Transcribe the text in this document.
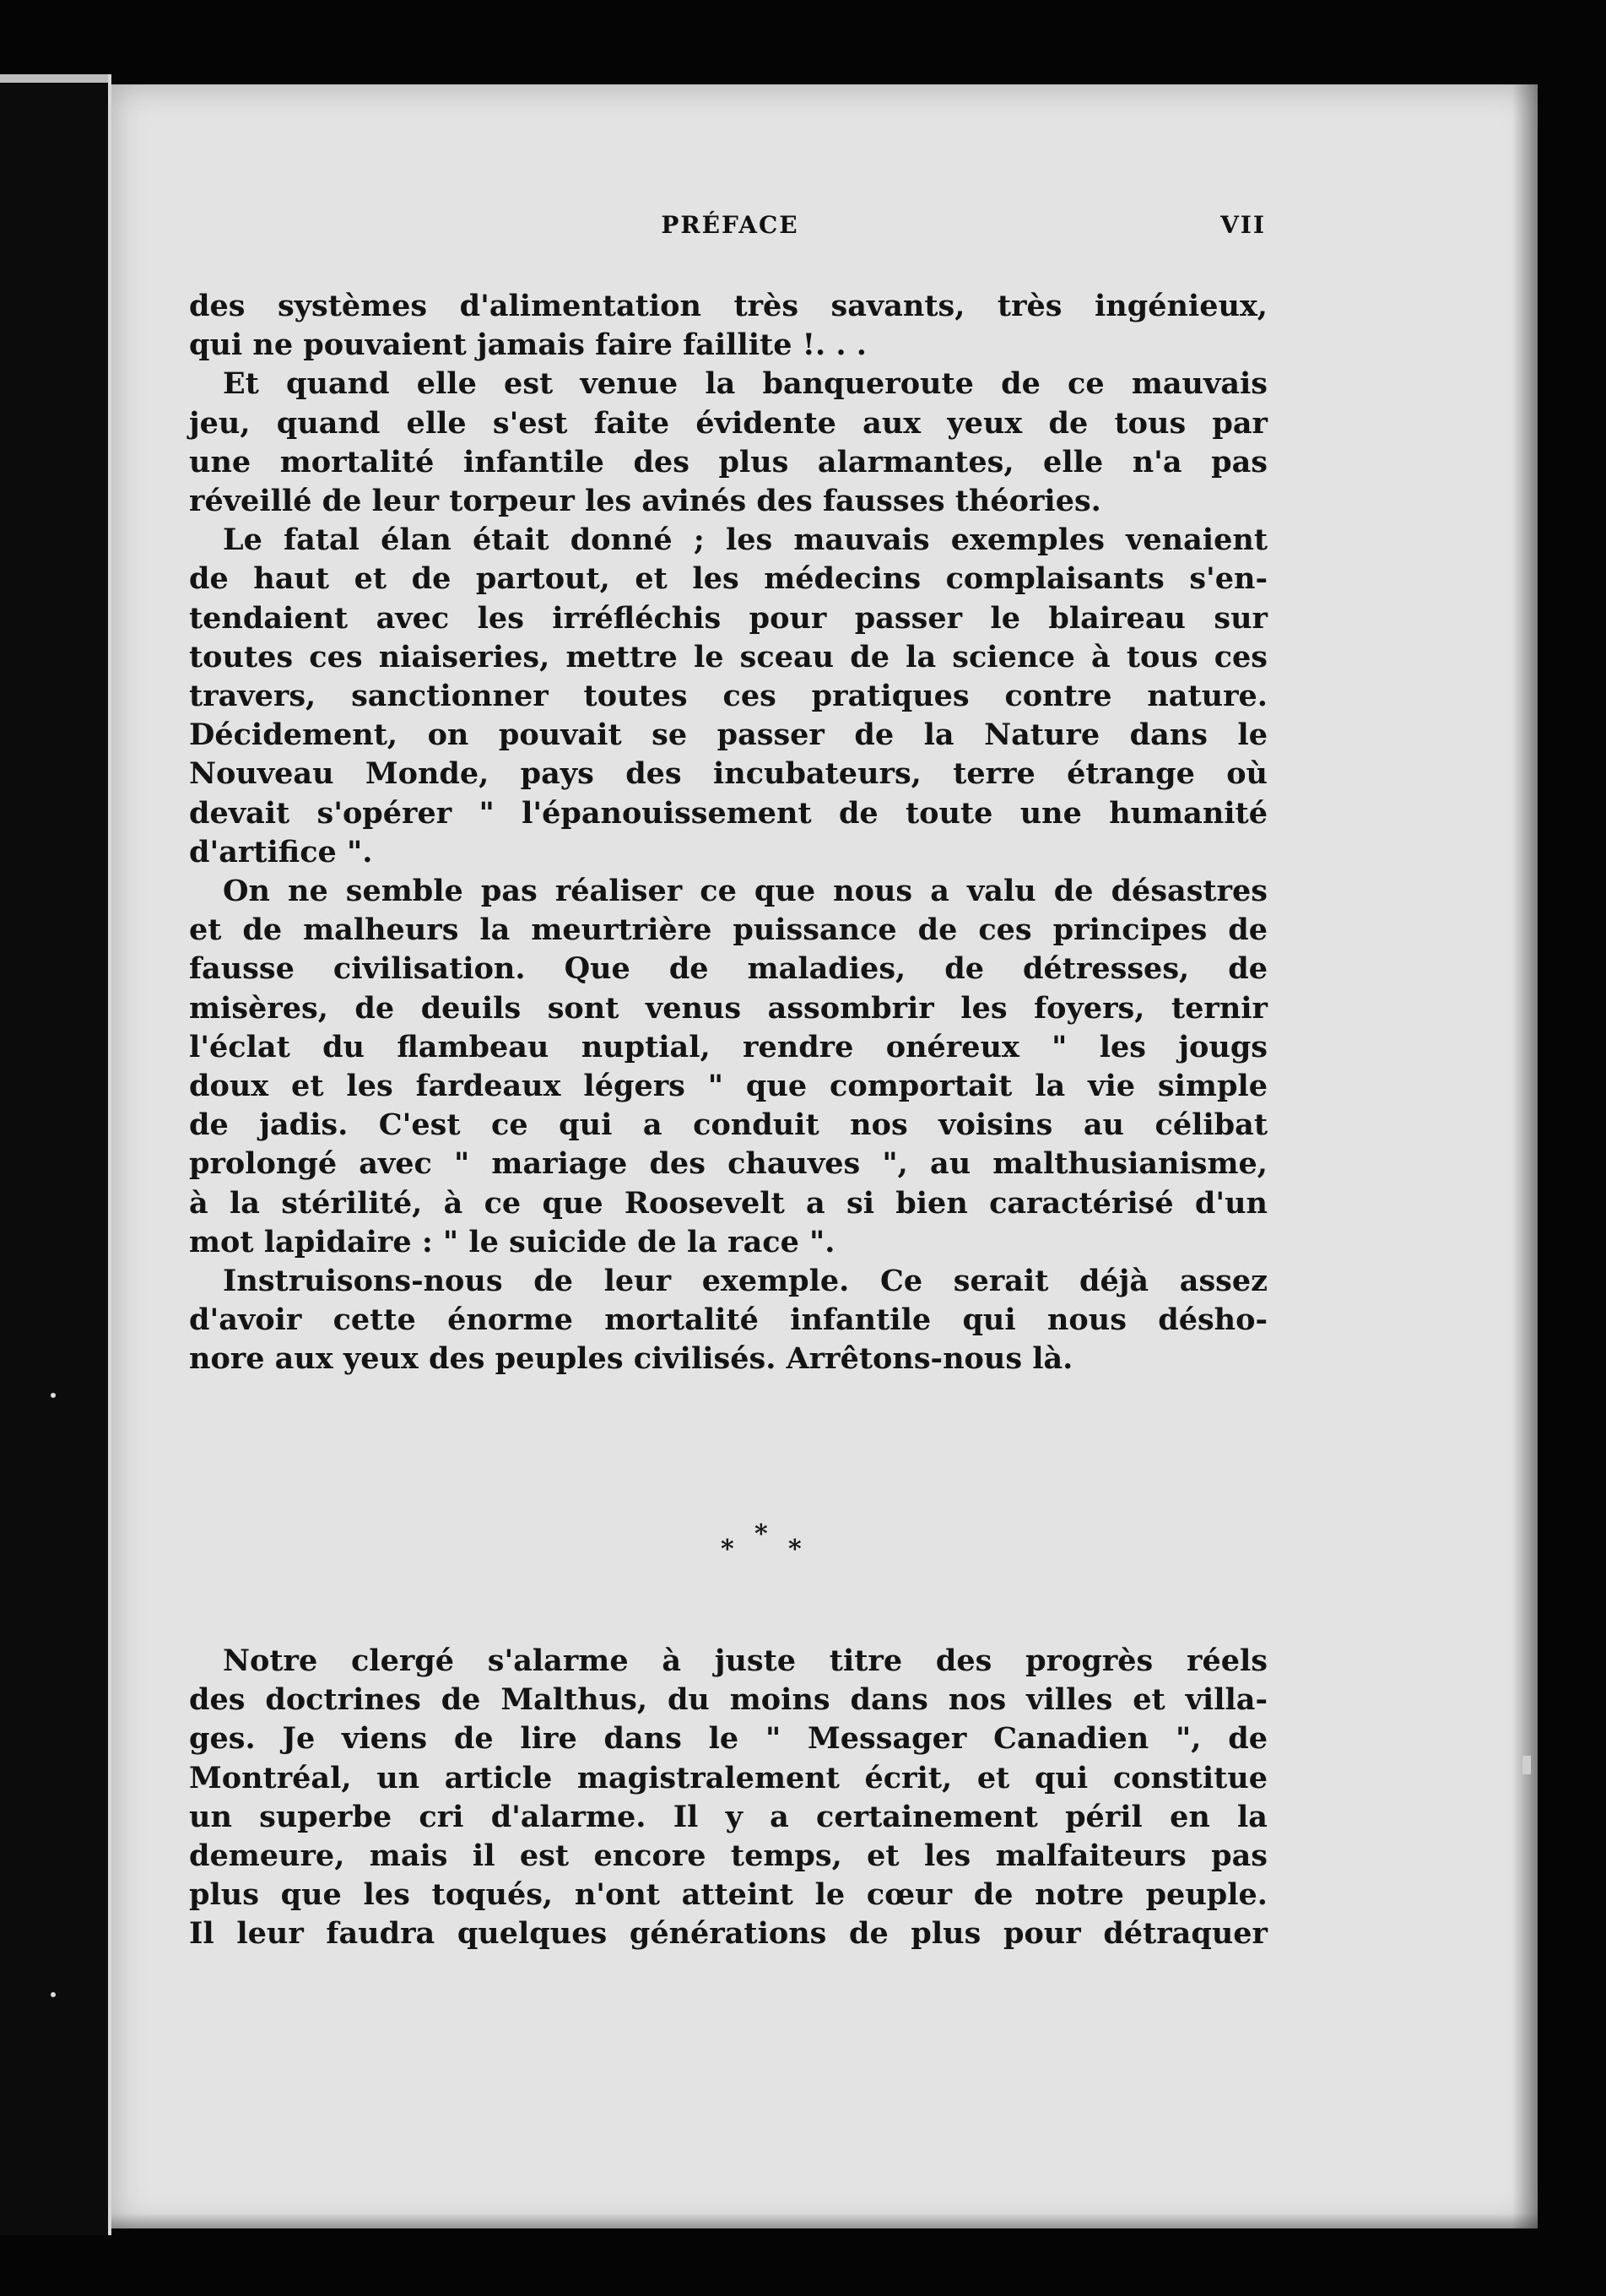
PRÉFACE	VII
des systèmes d'alimentation très savants, très ingénieux,
qui ne pouvaient jamais faire faillite !. . .
Et quand elle est venue la banqueroute de ce mauvais
jeu, quand elle s'est faite évidente aux yeux de tous par
une mortalité infantile des plus alarmantes, elle n'a pas
réveillé de leur torpeur les avinés des fausses théories.
Le fatal élan était donné ; les mauvais exemples venaient
de haut et de partout, et les médecins complaisants s'en-
tendaient avec les irréfléchis pour passer le blaireau sur
toutes ces niaiseries, mettre le sceau de la science à tous ces
travers, sanctionner toutes ces pratiques contre nature.
Décidement, on pouvait se passer de la Nature dans le
Nouveau Monde, pays des incubateurs, terre étrange où
devait s'opérer " l'épanouissement de toute une humanité
d'artifice ".
On ne semble pas réaliser ce que nous a valu de désastres
et de malheurs la meurtrière puissance de ces principes de
fausse civilisation. Que de maladies, de détresses, de
misères, de deuils sont venus assombrir les foyers, ternir
l'éclat du flambeau nuptial, rendre onéreux " les jougs
doux et les fardeaux légers " que comportait la vie simple
de jadis. C'est ce qui a conduit nos voisins au célibat
prolongé avec " mariage des chauves ", au malthusianisme,
à la stérilité, à ce que Roosevelt a si bien caractérisé d'un
mot lapidaire : " le suicide de la race ".
Instruisons-nous de leur exemple. Ce serait déjà assez
d'avoir cette énorme mortalité infantile qui nous désho-
nore aux yeux des peuples civilisés. Arrêtons-nous là.
*
* *
Notre clergé s'alarme à juste titre des progrès réels
des doctrines de Malthus, du moins dans nos villes et villa-
ges. Je viens de lire dans le " Messager Canadien ", de
Montréal, un article magistralement écrit, et qui constitue
un superbe cri d'alarme. Il y a certainement péril en la
demeure, mais il est encore temps, et les malfaiteurs pas
plus que les toqués, n'ont atteint le cœur de notre peuple.
Il leur faudra quelques générations de plus pour détraquer
